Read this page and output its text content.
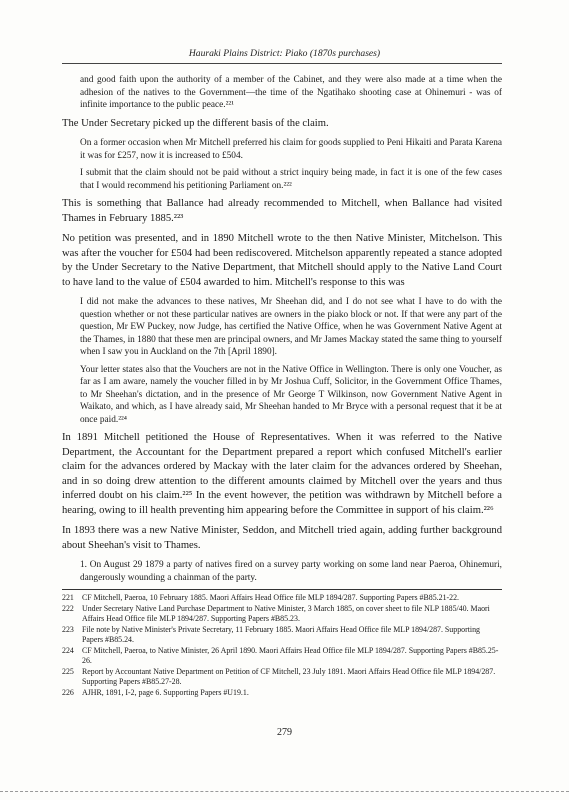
Hauraki Plains District: Piako (1870s purchases)

and good faith upon the authority of a member of the Cabinet, and they were also made at a time when the adhesion of the natives to the Government—the time of the Ngatihako shooting case at Ohinemuri - was of infinite importance to the public peace.²²¹

The Under Secretary picked up the different basis of the claim.

On a former occasion when Mr Mitchell preferred his claim for goods supplied to Peni Hikaiti and Parata Karena it was for £257, now it is increased to £504.

I submit that the claim should not be paid without a strict inquiry being made, in fact it is one of the few cases that I would recommend his petitioning Parliament on.²²²

This is something that Ballance had already recommended to Mitchell, when Ballance had visited Thames in February 1885.²²³

No petition was presented, and in 1890 Mitchell wrote to the then Native Minister, Mitchelson. This was after the voucher for £504 had been rediscovered. Mitchelson apparently repeated a stance adopted by the Under Secretary to the Native Department, that Mitchell should apply to the Native Land Court to have land to the value of £504 awarded to him. Mitchell's response to this was

I did not make the advances to these natives, Mr Sheehan did, and I do not see what I have to do with the question whether or not these particular natives are owners in the piako block or not. If that were any part of the question, Mr EW Puckey, now Judge, has certified the Native Office, when he was Government Native Agent at the Thames, in 1880 that these men are principal owners, and Mr James Mackay stated the same thing to yourself when I saw you in Auckland on the 7th [April 1890].

Your letter states also that the Vouchers are not in the Native Office in Wellington. There is only one Voucher, as far as I am aware, namely the voucher filled in by Mr Joshua Cuff, Solicitor, in the Government Office Thames, to Mr Sheehan's dictation, and in the presence of Mr George T Wilkinson, now Government Native Agent in Waikato, and which, as I have already said, Mr Sheehan handed to Mr Bryce with a personal request that it be at once paid.²²⁴

In 1891 Mitchell petitioned the House of Representatives. When it was referred to the Native Department, the Accountant for the Department prepared a report which confused Mitchell's earlier claim for the advances ordered by Mackay with the later claim for the advances ordered by Sheehan, and in so doing drew attention to the different amounts claimed by Mitchell over the years and thus inferred doubt on his claim.²²⁵ In the event however, the petition was withdrawn by Mitchell before a hearing, owing to ill health preventing him appearing before the Committee in support of his claim.²²⁶

In 1893 there was a new Native Minister, Seddon, and Mitchell tried again, adding further background about Sheehan's visit to Thames.

1. On August 29 1879 a party of natives fired on a survey party working on some land near Paeroa, Ohinemuri, dangerously wounding a chainman of the party.

221	CF Mitchell, Paeroa, 10 February 1885. Maori Affairs Head Office file MLP 1894/287. Supporting Papers #B85.21-22.
222	Under Secretary Native Land Purchase Department to Native Minister, 3 March 1885, on cover sheet to file NLP 1885/40. Maori Affairs Head Office file MLP 1894/287. Supporting Papers #B85.23.
223	File note by Native Minister's Private Secretary, 11 February 1885. Maori Affairs Head Office file MLP 1894/287. Supporting Papers #B85.24.
224	CF Mitchell, Paeroa, to Native Minister, 26 April 1890. Maori Affairs Head Office file MLP 1894/287. Supporting Papers #B85.25-26.
225	Report by Accountant Native Department on Petition of CF Mitchell, 23 July 1891. Maori Affairs Head Office file MLP 1894/287. Supporting Papers #B85.27-28.
226	AJHR, 1891, I-2, page 6. Supporting Papers #U19.1.
279
